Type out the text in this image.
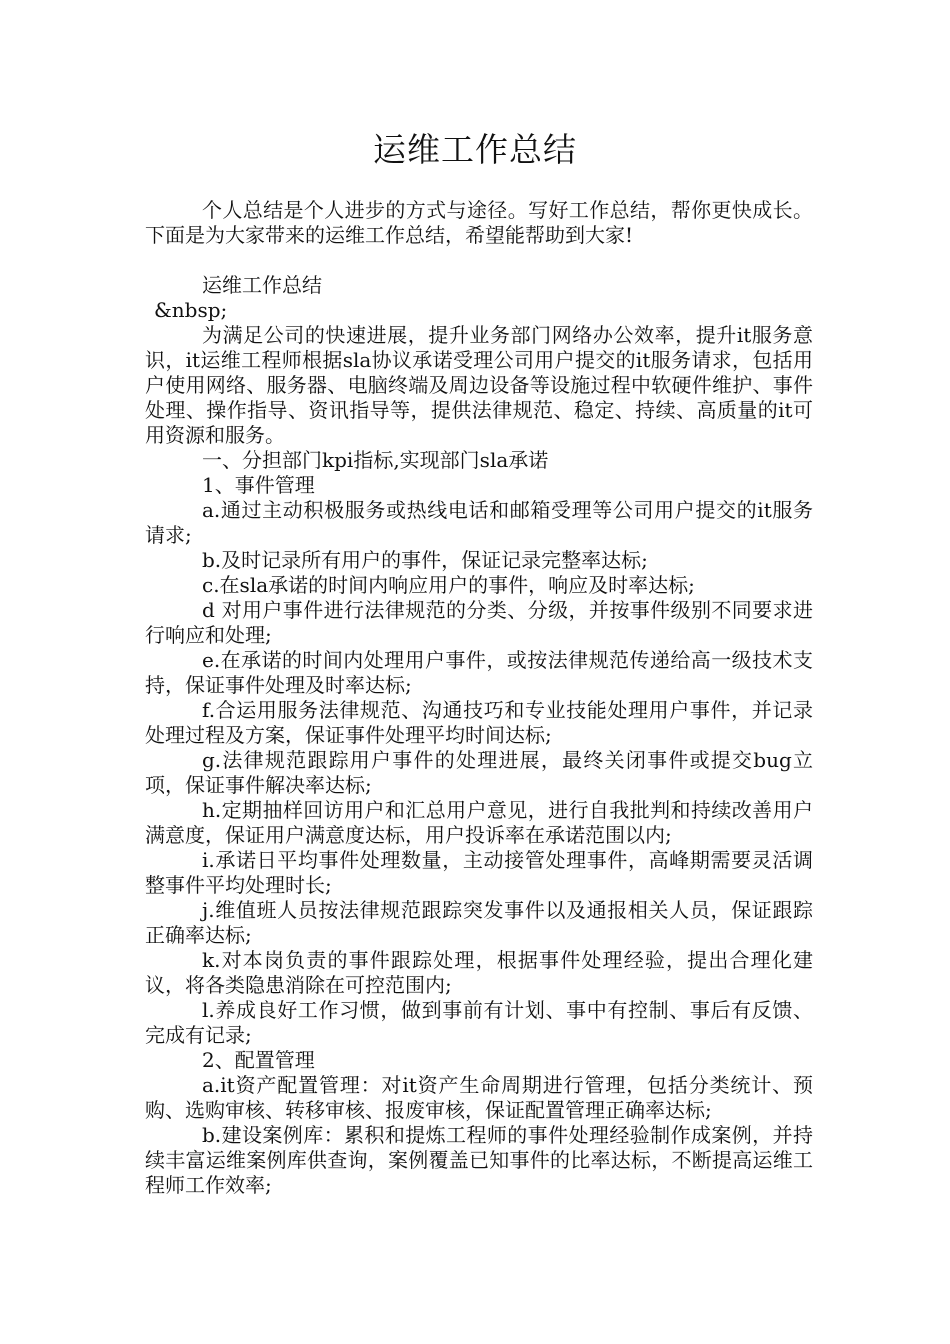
运维工作总结

个人总结是个人进步的方式与途径。写好工作总结，帮你更快成长。下面是为大家带来的运维工作总结，希望能帮助到大家!

运维工作总结

&nbsp;

为满足公司的快速进展，提升业务部门网络办公效率，提升it服务意识，it运维工程师根据sla协议承诺受理公司用户提交的it服务请求，包括用户使用网络、服务器、电脑终端及周边设备等设施过程中软硬件维护、事件处理、操作指导、资讯指导等，提供法律规范、稳定、持续、高质量的it可用资源和服务。

一、分担部门kpi指标,实现部门sla承诺

1、事件管理

a.通过主动积极服务或热线电话和邮箱受理等公司用户提交的it服务请求;

b.及时记录所有用户的事件，保证记录完整率达标;

c.在sla承诺的时间内响应用户的事件，响应及时率达标;

d 对用户事件进行法律规范的分类、分级，并按事件级别不同要求进行响应和处理;

e.在承诺的时间内处理用户事件，或按法律规范传递给高一级技术支持，保证事件处理及时率达标;

f.合运用服务法律规范、沟通技巧和专业技能处理用户事件，并记录处理过程及方案，保证事件处理平均时间达标;

g.法律规范跟踪用户事件的处理进展，最终关闭事件或提交bug立项，保证事件解决率达标;

h.定期抽样回访用户和汇总用户意见，进行自我批判和持续改善用户满意度，保证用户满意度达标，用户投诉率在承诺范围以内;

i.承诺日平均事件处理数量，主动接管处理事件，高峰期需要灵活调整事件平均处理时长;

j.维值班人员按法律规范跟踪突发事件以及通报相关人员，保证跟踪正确率达标;

k.对本岗负责的事件跟踪处理，根据事件处理经验，提出合理化建议，将各类隐患消除在可控范围内;

l.养成良好工作习惯，做到事前有计划、事中有控制、事后有反馈、完成有记录;

2、配置管理

a.it资产配置管理：对it资产生命周期进行管理，包括分类统计、预购、选购审核、转移审核、报废审核，保证配置管理正确率达标;

b.建设案例库：累积和提炼工程师的事件处理经验制作成案例，并持续丰富运维案例库供查询，案例覆盖已知事件的比率达标，不断提高运维工程师工作效率;
